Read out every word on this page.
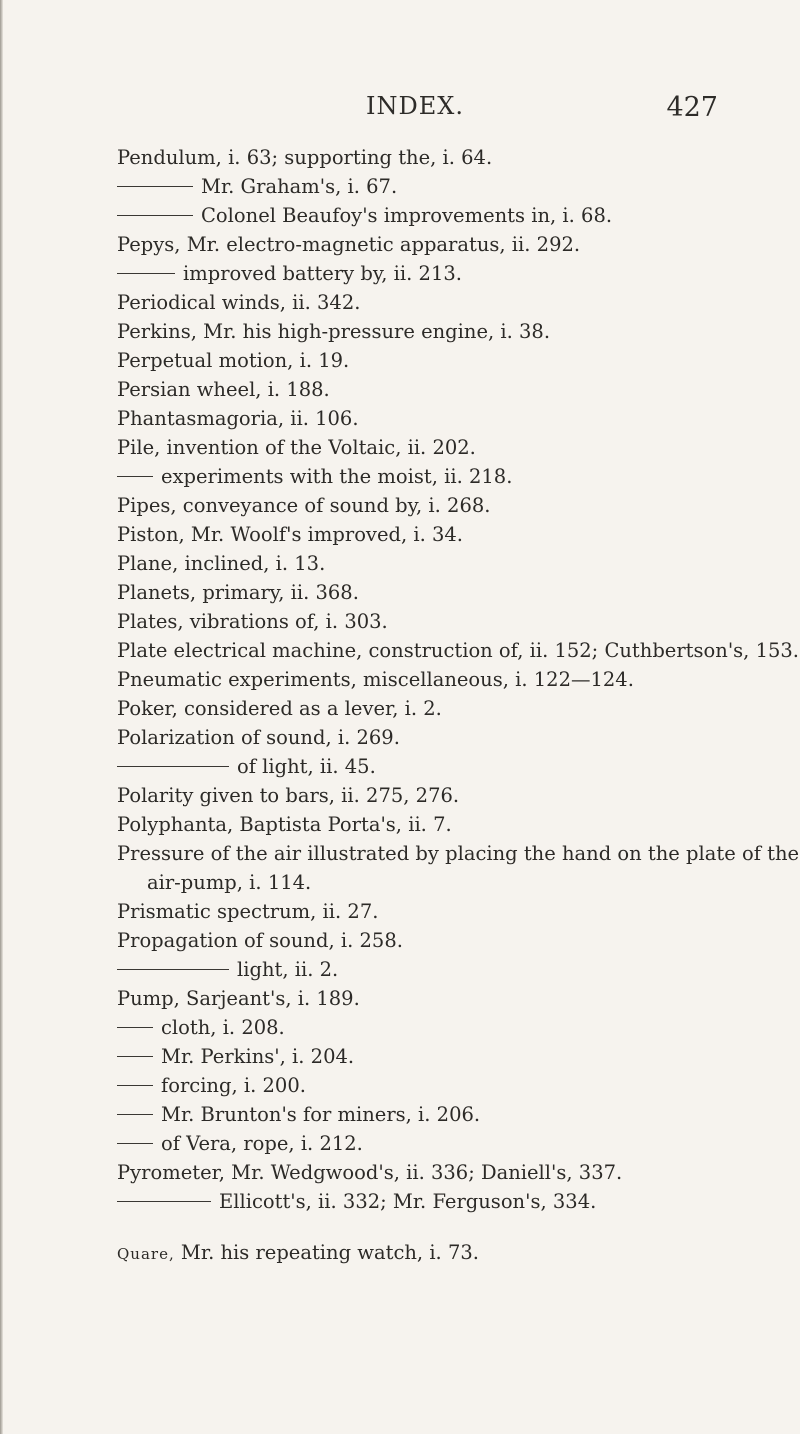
INDEX.	427
Pendulum, i. 63; supporting the, i. 64.
Mr. Graham's, i. 67.
Colonel Beaufoy's improvements in, i. 68.
Pepys, Mr. electro-magnetic apparatus, ii. 292.
improved battery by, ii. 213.
Periodical winds, ii. 342.
Perkins, Mr. his high-pressure engine, i. 38.
Perpetual motion, i. 19.
Persian wheel, i. 188.
Phantasmagoria, ii. 106.
Pile, invention of the Voltaic, ii. 202.
experiments with the moist, ii. 218.
Pipes, conveyance of sound by, i. 268.
Piston, Mr. Woolf's improved, i. 34.
Plane, inclined, i. 13.
Planets, primary, ii. 368.
Plates, vibrations of, i. 303.
Plate electrical machine, construction of, ii. 152; Cuthbertson's, 153.
Pneumatic experiments, miscellaneous, i. 122—124.
Poker, considered as a lever, i. 2.
Polarization of sound, i. 269.
of light, ii. 45.
Polarity given to bars, ii. 275, 276.
Polyphanta, Baptista Porta's, ii. 7.
Pressure of the air illustrated by placing the hand on the plate of the
air-pump, i. 114.
Prismatic spectrum, ii. 27.
Propagation of sound, i. 258.
light, ii. 2.
Pump, Sarjeant's, i. 189.
cloth, i. 208.
Mr. Perkins', i. 204.
forcing, i. 200.
Mr. Brunton's for miners, i. 206.
of Vera, rope, i. 212.
Pyrometer, Mr. Wedgwood's, ii. 336; Daniell's, 337.
Ellicott's, ii. 332; Mr. Ferguson's, 334.
Quare, Mr. his repeating watch, i. 73.
